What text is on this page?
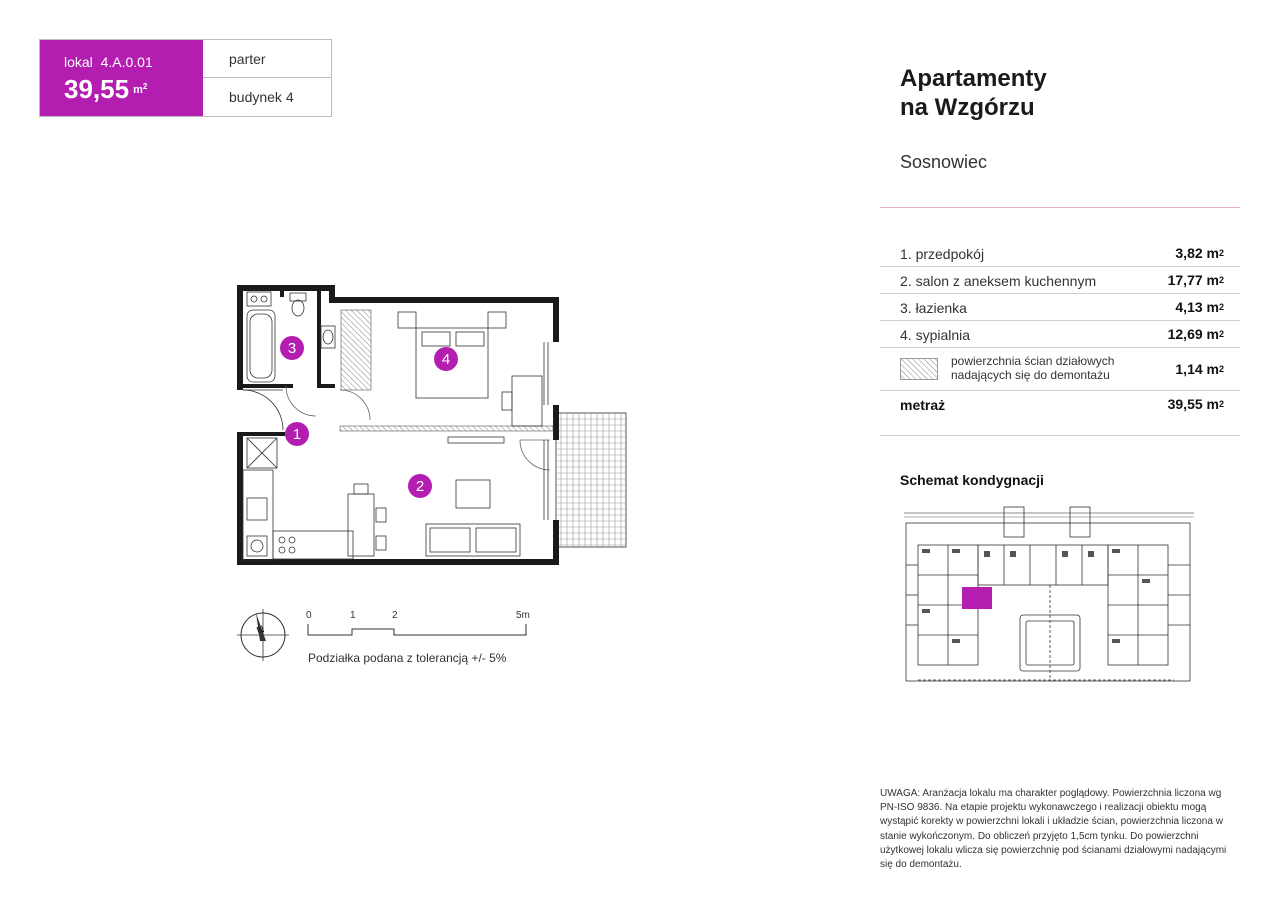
lokal 4.A.0.01
39,55 $^{m^2}$
parter
budynek 4
Apartamenty
na Wzgórzu
Sosnowiec
1. przedpokój	3,82 m2
2. salon z aneksem kuchennym	17,77 m2
3. łazienka	4,13 m2
4. sypialnia	12,69 m2
powierzchnia ścian działowych
nadających się do demontażu	1,14 m2
metraż	39,55 m2
Schemat kondygnacji
3
1
4
2
N
0	1	2	5m
Podziałka podana z tolerancją +/- 5%
UWAGA: Aranżacja lokalu ma charakter poglądowy. Powierzchnia liczona wg PN-ISO 9836. Na etapie projektu wykonawczego i realizacji obiektu mogą wystąpić korekty w powierzchni lokali i układzie ścian, powierzchnia liczona w stanie wykończonym. Do obliczeń przyjęto 1,5cm tynku. Do powierzchni użytkowej lokalu wlicza się powierzchnię pod ścianami działowymi nadającymi się do demontażu.
